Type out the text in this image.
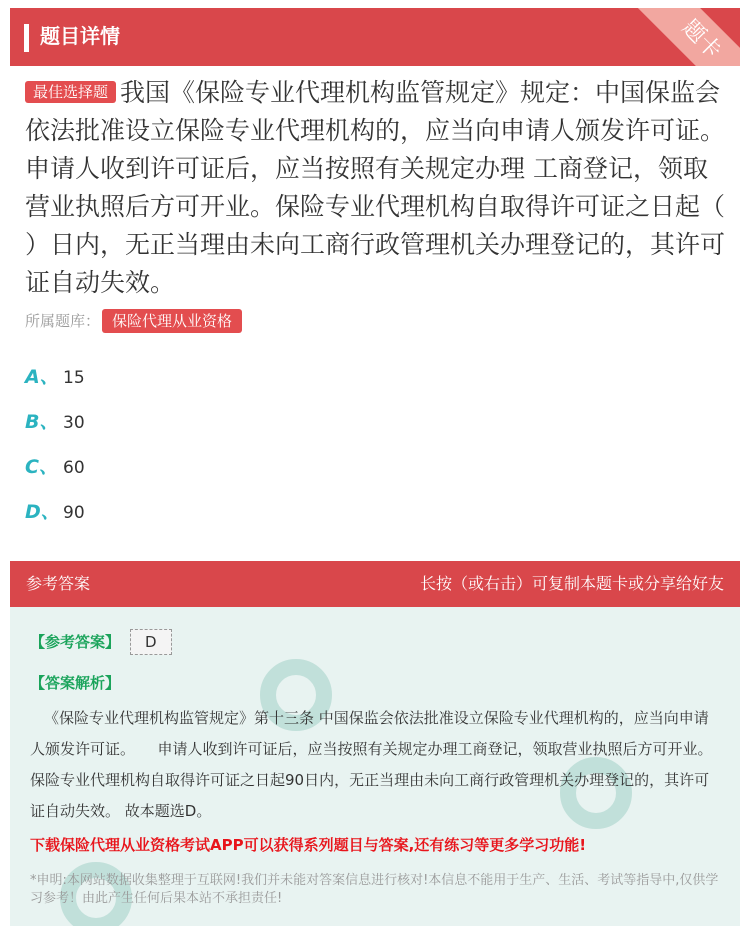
题目详情	题卡
最佳选择题 我国《保险专业代理机构监管规定》规定：中国保监会依法批准设立保险专业代理机构的，应当向申请人颁发许可证。申请人收到许可证后，应当按照有关规定办理 工商登记，领取营业执照后方可开业。保险专业代理机构自取得许可证之日起（ ）日内，无正当理由未向工商行政管理机关办理登记的，其许可证自动失效。
所属题库： 保险代理从业资格
A、 15
B、 30
C、 60
D、 90
参考答案	长按（或右击）可复制本题卡或分享给好友
【参考答案】 D
【答案解析】
《保险专业代理机构监管规定》第十三条 中国保监会依法批准设立保险专业代理机构的，应当向申请人颁发许可证。　　申请人收到许可证后，应当按照有关规定办理工商登记，领取营业执照后方可开业。　　保险专业代理机构自取得许可证之日起90日内，无正当理由未向工商行政管理机关办理登记的，其许可证自动失效。 故本题选D。
下载保险代理从业资格考试APP可以获得系列题目与答案,还有练习等更多学习功能!
*申明:本网站数据收集整理于互联网!我们并未能对答案信息进行核对!本信息不能用于生产、生活、考试等指导中,仅供学习参考！由此产生任何后果本站不承担责任!
